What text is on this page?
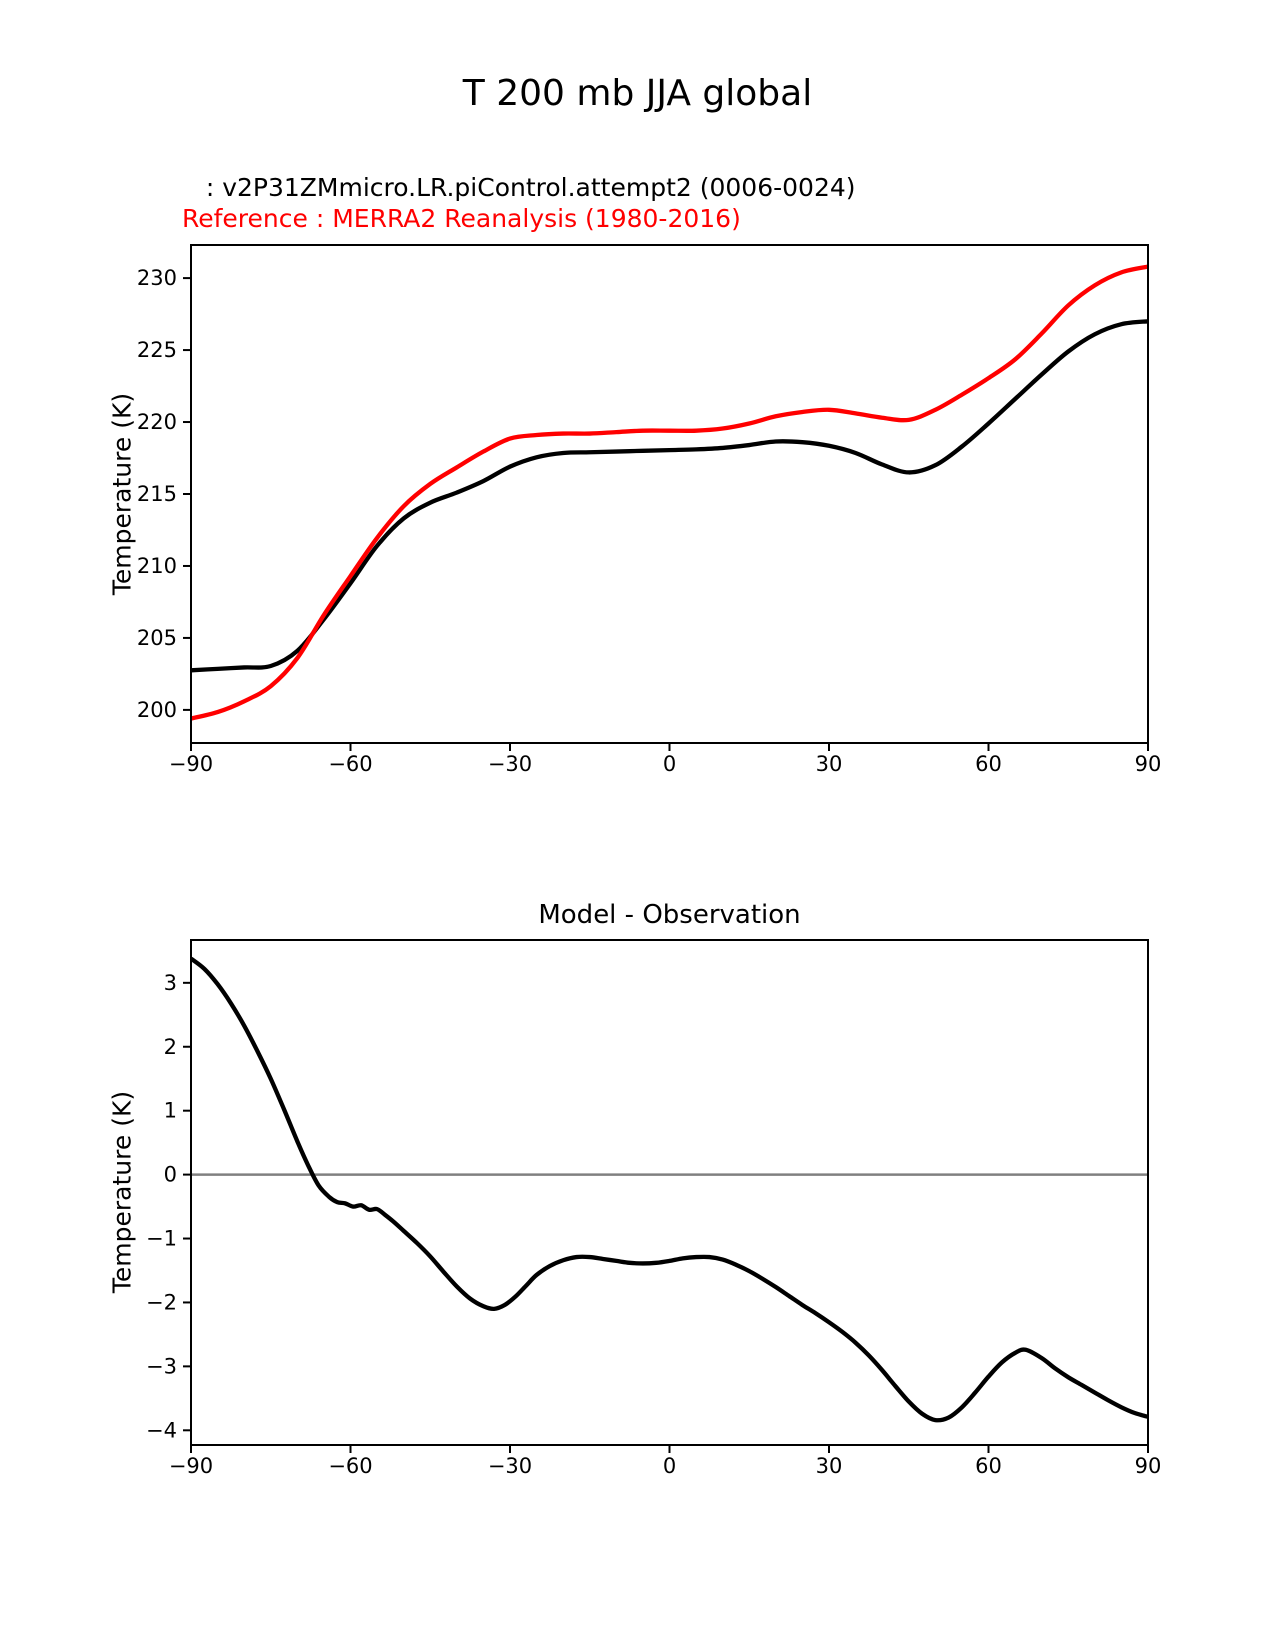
−90	−60	−30	0	30	60	90
200
205
210
215
220
225
230
−90	−60	−30	0	30	60	90
3
2
1
0
−1
−2
−3
−4
T 200 mb JJA global
: v2P31ZMmicro.LR.piControl.attempt2 (0006-0024)
Reference : MERRA2 Reanalysis (1980-2016)
Temperature (K)
Model - Observation
Temperature (K)
